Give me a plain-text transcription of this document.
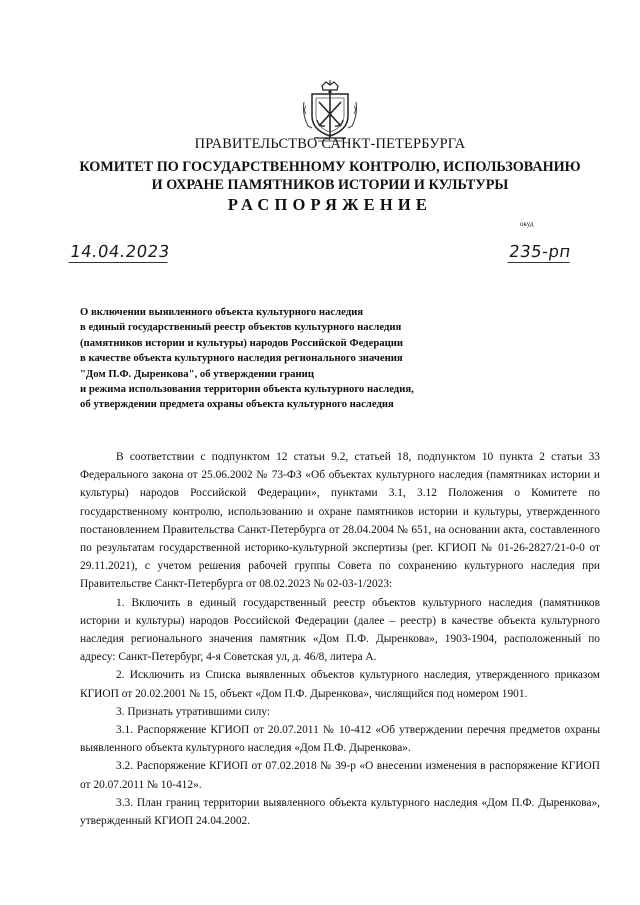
ПРАВИТЕЛЬСТВО САНКТ-ПЕТЕРБУРГА
КОМИТЕТ ПО ГОСУДАРСТВЕННОМУ КОНТРОЛЮ, ИСПОЛЬЗОВАНИЮ
И ОХРАНЕ ПАМЯТНИКОВ ИСТОРИИ И КУЛЬТУРЫ
РАСПОРЯЖЕНИЕ
окуд
14.04.2023	235-рп
О включении выявленного объекта культурного наследия
в единый государственный реестр объектов культурного наследия
(памятников истории и культуры) народов Российской Федерации
в качестве объекта культурного наследия регионального значения
"Дом П.Ф. Дыренкова", об утверждении границ
и режима использования территории объекта культурного наследия,
об утверждении предмета охраны объекта культурного наследия

В соответствии с подпунктом 12 статьи 9.2, статьей 18, подпунктом 10 пункта 2 статьи 33 Федерального закона от 25.06.2002 № 73-ФЗ «Об объектах культурного наследия (памятниках истории и культуры) народов Российской Федерации», пунктами 3.1, 3.12 Положения о Комитете по государственному контролю, использованию и охране памятников истории и культуры, утвержденного постановлением Правительства Санкт-Петербурга от 28.04.2004 № 651, на основании акта, составленного по результатам государственной историко-культурной экспертизы (рег. КГИОП № 01-26-2827/21-0-0 от 29.11.2021), с учетом решения рабочей группы Совета по сохранению культурного наследия при Правительстве Санкт-Петербурга от 08.02.2023 № 02-03-1/2023:

1. Включить в единый государственный реестр объектов культурного наследия (памятников истории и культуры) народов Российской Федерации (далее – реестр) в качестве объекта культурного наследия регионального значения памятник «Дом П.Ф. Дыренкова», 1903-1904, расположенный по адресу: Санкт-Петербург, 4-я Советская ул, д. 46/8, литера А.

2. Исключить из Списка выявленных объектов культурного наследия, утвержденного приказом КГИОП от 20.02.2001 № 15, объект «Дом П.Ф. Дыренкова», числящийся под номером 1901.

3. Признать утратившими силу:

3.1. Распоряжение КГИОП от 20.07.2011 № 10-412 «Об утверждении перечня предметов охраны выявленного объекта культурного наследия «Дом П.Ф. Дыренкова».

3.2. Распоряжение КГИОП от 07.02.2018 № 39-р «О внесении изменения в распоряжение КГИОП от 20.07.2011 № 10-412».

3.3. План границ территории выявленного объекта культурного наследия «Дом П.Ф. Дыренкова», утвержденный КГИОП 24.04.2002.
